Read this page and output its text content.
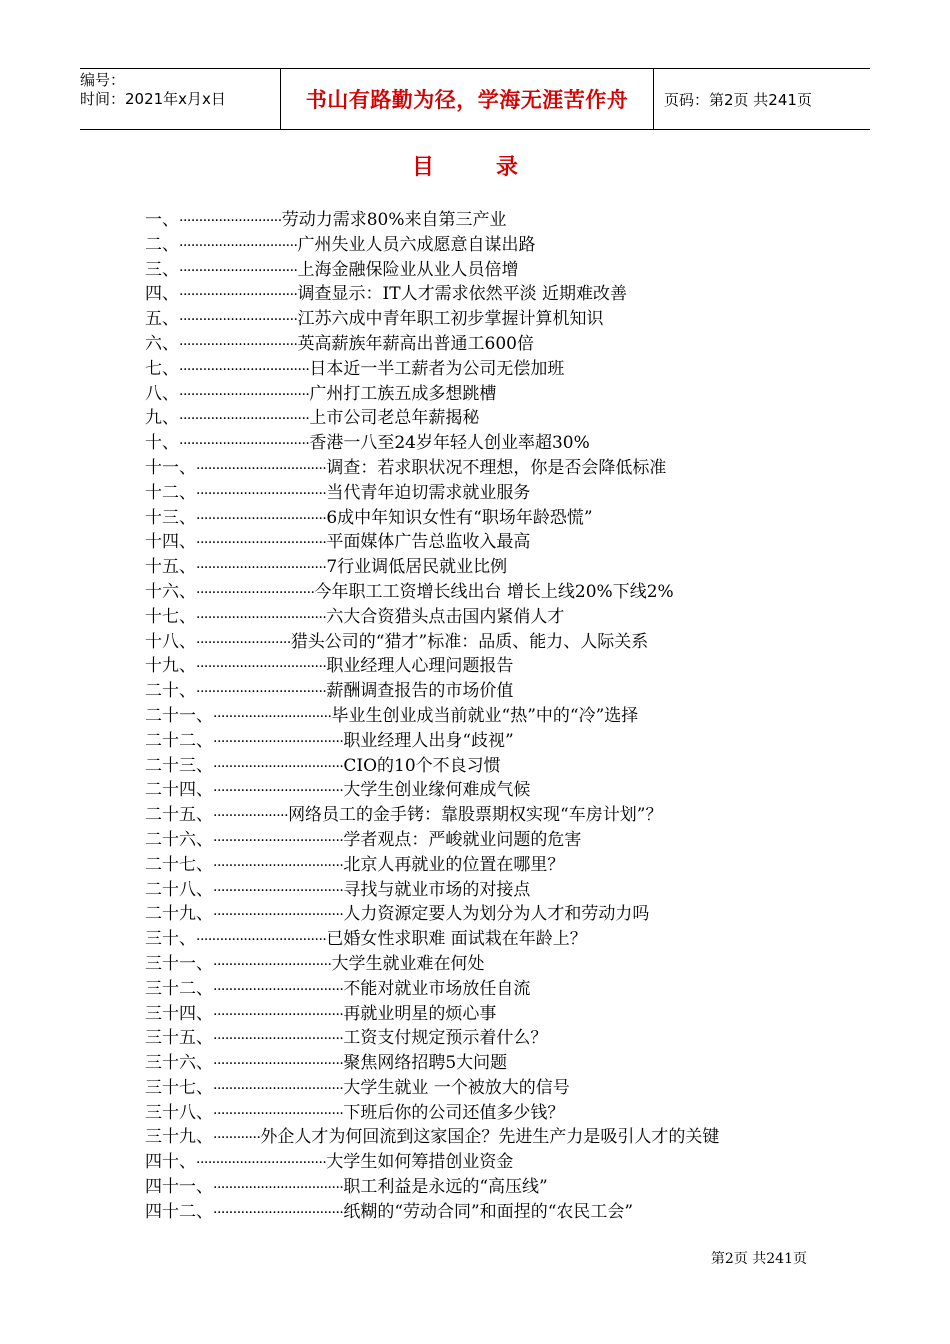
编号：
时间：2021年x月x日	书山有路勤为径，学海无涯苦作舟	页码：第2页 共241页
目　录
一、 ·························· 劳动力需求80%来自第三产业
二、 ······························ 广州失业人员六成愿意自谋出路
三、 ······························ 上海金融保险业从业人员倍增
四、 ······························ 调查显示：IT人才需求依然平淡 近期难改善
五、 ······························ 江苏六成中青年职工初步掌握计算机知识
六、 ······························ 英高薪族年薪高出普通工600倍
七、 ································· 日本近一半工薪者为公司无偿加班
八、 ································· 广州打工族五成多想跳槽
九、 ································· 上市公司老总年薪揭秘
十、 ································· 香港一八至24岁年轻人创业率超30%
十一、 ································· 调查：若求职状况不理想，你是否会降低标准
十二、 ································· 当代青年迫切需求就业服务
十三、 ································· 6成中年知识女性有“职场年龄恐慌”
十四、 ································· 平面媒体广告总监收入最高
十五、 ································· 7行业调低居民就业比例
十六、 ······························ 今年职工工资增长线出台 增长上线20%下线2%
十七、 ································· 六大合资猎头点击国内紧俏人才
十八、 ························ 猎头公司的“猎才”标准：品质、能力、人际关系
十九、 ································· 职业经理人心理问题报告
二十、 ································· 薪酬调查报告的市场价值
二十一、 ······························ 毕业生创业成当前就业“热”中的“冷”选择
二十二、 ································· 职业经理人出身“歧视”
二十三、 ································· CIO的10个不良习惯
二十四、 ································· 大学生创业缘何难成气候
二十五、 ··················· 网络员工的金手铐：靠股票期权实现“车房计划”？
二十六、 ································· 学者观点：严峻就业问题的危害
二十七、 ································· 北京人再就业的位置在哪里？
二十八、 ································· 寻找与就业市场的对接点
二十九、 ································· 人力资源定要人为划分为人才和劳动力吗
三十、 ································· 已婚女性求职难 面试栽在年龄上？
三十一、 ······························ 大学生就业难在何处
三十二、 ································· 不能对就业市场放任自流
三十四、 ································· 再就业明星的烦心事
三十五、 ································· 工资支付规定预示着什么？
三十六、 ································· 聚焦网络招聘5大问题
三十七、 ································· 大学生就业 一个被放大的信号
三十八、 ································· 下班后你的公司还值多少钱？
三十九、 ············ 外企人才为何回流到这家国企？先进生产力是吸引人才的关键
四十、 ································· 大学生如何筹措创业资金
四十一、 ································· 职工利益是永远的“高压线”
四十二、 ································· 纸糊的“劳动合同”和面捏的“农民工会”
第2页 共241页
